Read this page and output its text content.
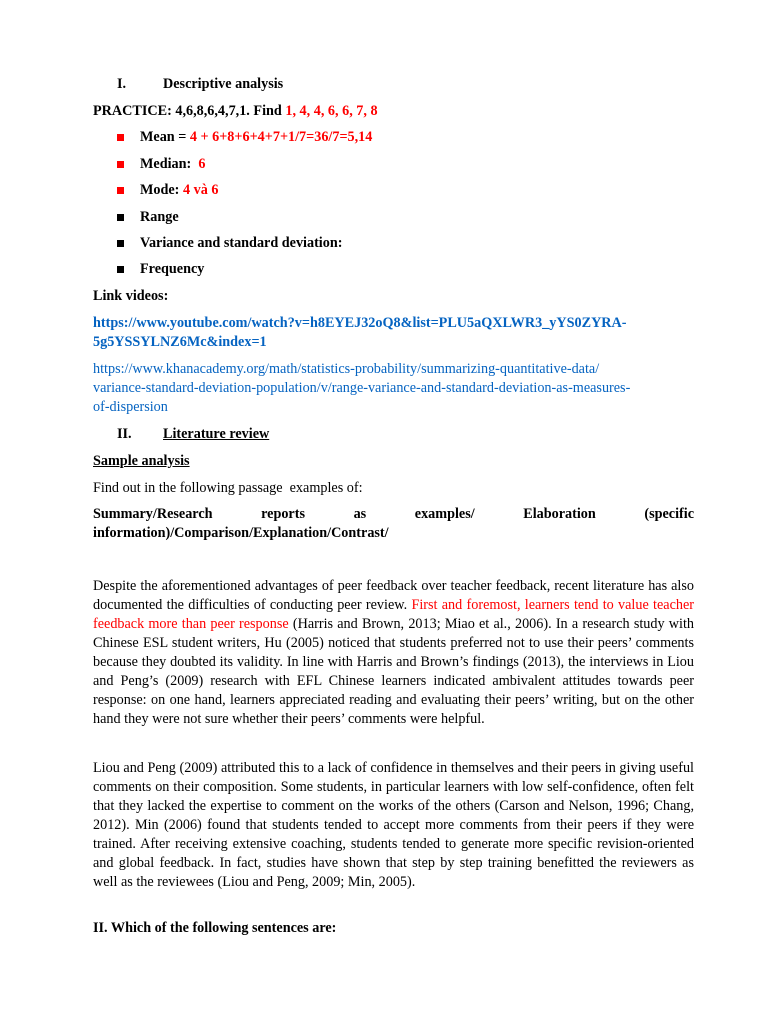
I.	Descriptive analysis
PRACTICE: 4,6,8,6,4,7,1. Find 1, 4, 4, 6, 6, 7, 8
Mean = 4 + 6+8+6+4+7+1/7=36/7=5,14
Median:  6
Mode: 4 và 6
Range
Variance and standard deviation:
Frequency
Link videos:
https://www.youtube.com/watch?v=h8EYEJ32oQ8&list=PLU5aQXLWR3_yYS0ZYRA-
5g5YSSYLNZ6Mc&index=1
https://www.khanacademy.org/math/statistics-probability/summarizing-quantitative-data/
variance-standard-deviation-population/v/range-variance-and-standard-deviation-as-measures-
of-dispersion
II.	Literature review
Sample analysis
Find out in the following passage  examples of:
Summary/Research reports as examples/ Elaboration (specific
information)/Comparison/Explanation/Contrast/
Despite the aforementioned advantages of peer feedback over teacher feedback, recent literature has also documented the difficulties of conducting peer review. First and foremost, learners tend to value teacher feedback more than peer response (Harris and Brown, 2013; Miao et al., 2006). In a research study with Chinese ESL student writers, Hu (2005) noticed that students preferred not to use their peers’ comments because they doubted its validity. In line with Harris and Brown’s findings (2013), the interviews in Liou and Peng’s (2009) research with EFL Chinese learners indicated ambivalent attitudes towards peer response: on one hand, learners appreciated reading and evaluating their peers’ writing, but on the other hand they were not sure whether their peers’ comments were helpful.
Liou and Peng (2009) attributed this to a lack of confidence in themselves and their peers in giving useful comments on their composition. Some students, in particular learners with low self-confidence, often felt that they lacked the expertise to comment on the works of the others (Carson and Nelson, 1996; Chang, 2012). Min (2006) found that students tended to accept more comments from their peers if they were trained. After receiving extensive coaching, students tended to generate more specific revision-oriented and global feedback. In fact, studies have shown that step by step training benefitted the reviewers as well as the reviewees (Liou and Peng, 2009; Min, 2005).
II. Which of the following sentences are:
